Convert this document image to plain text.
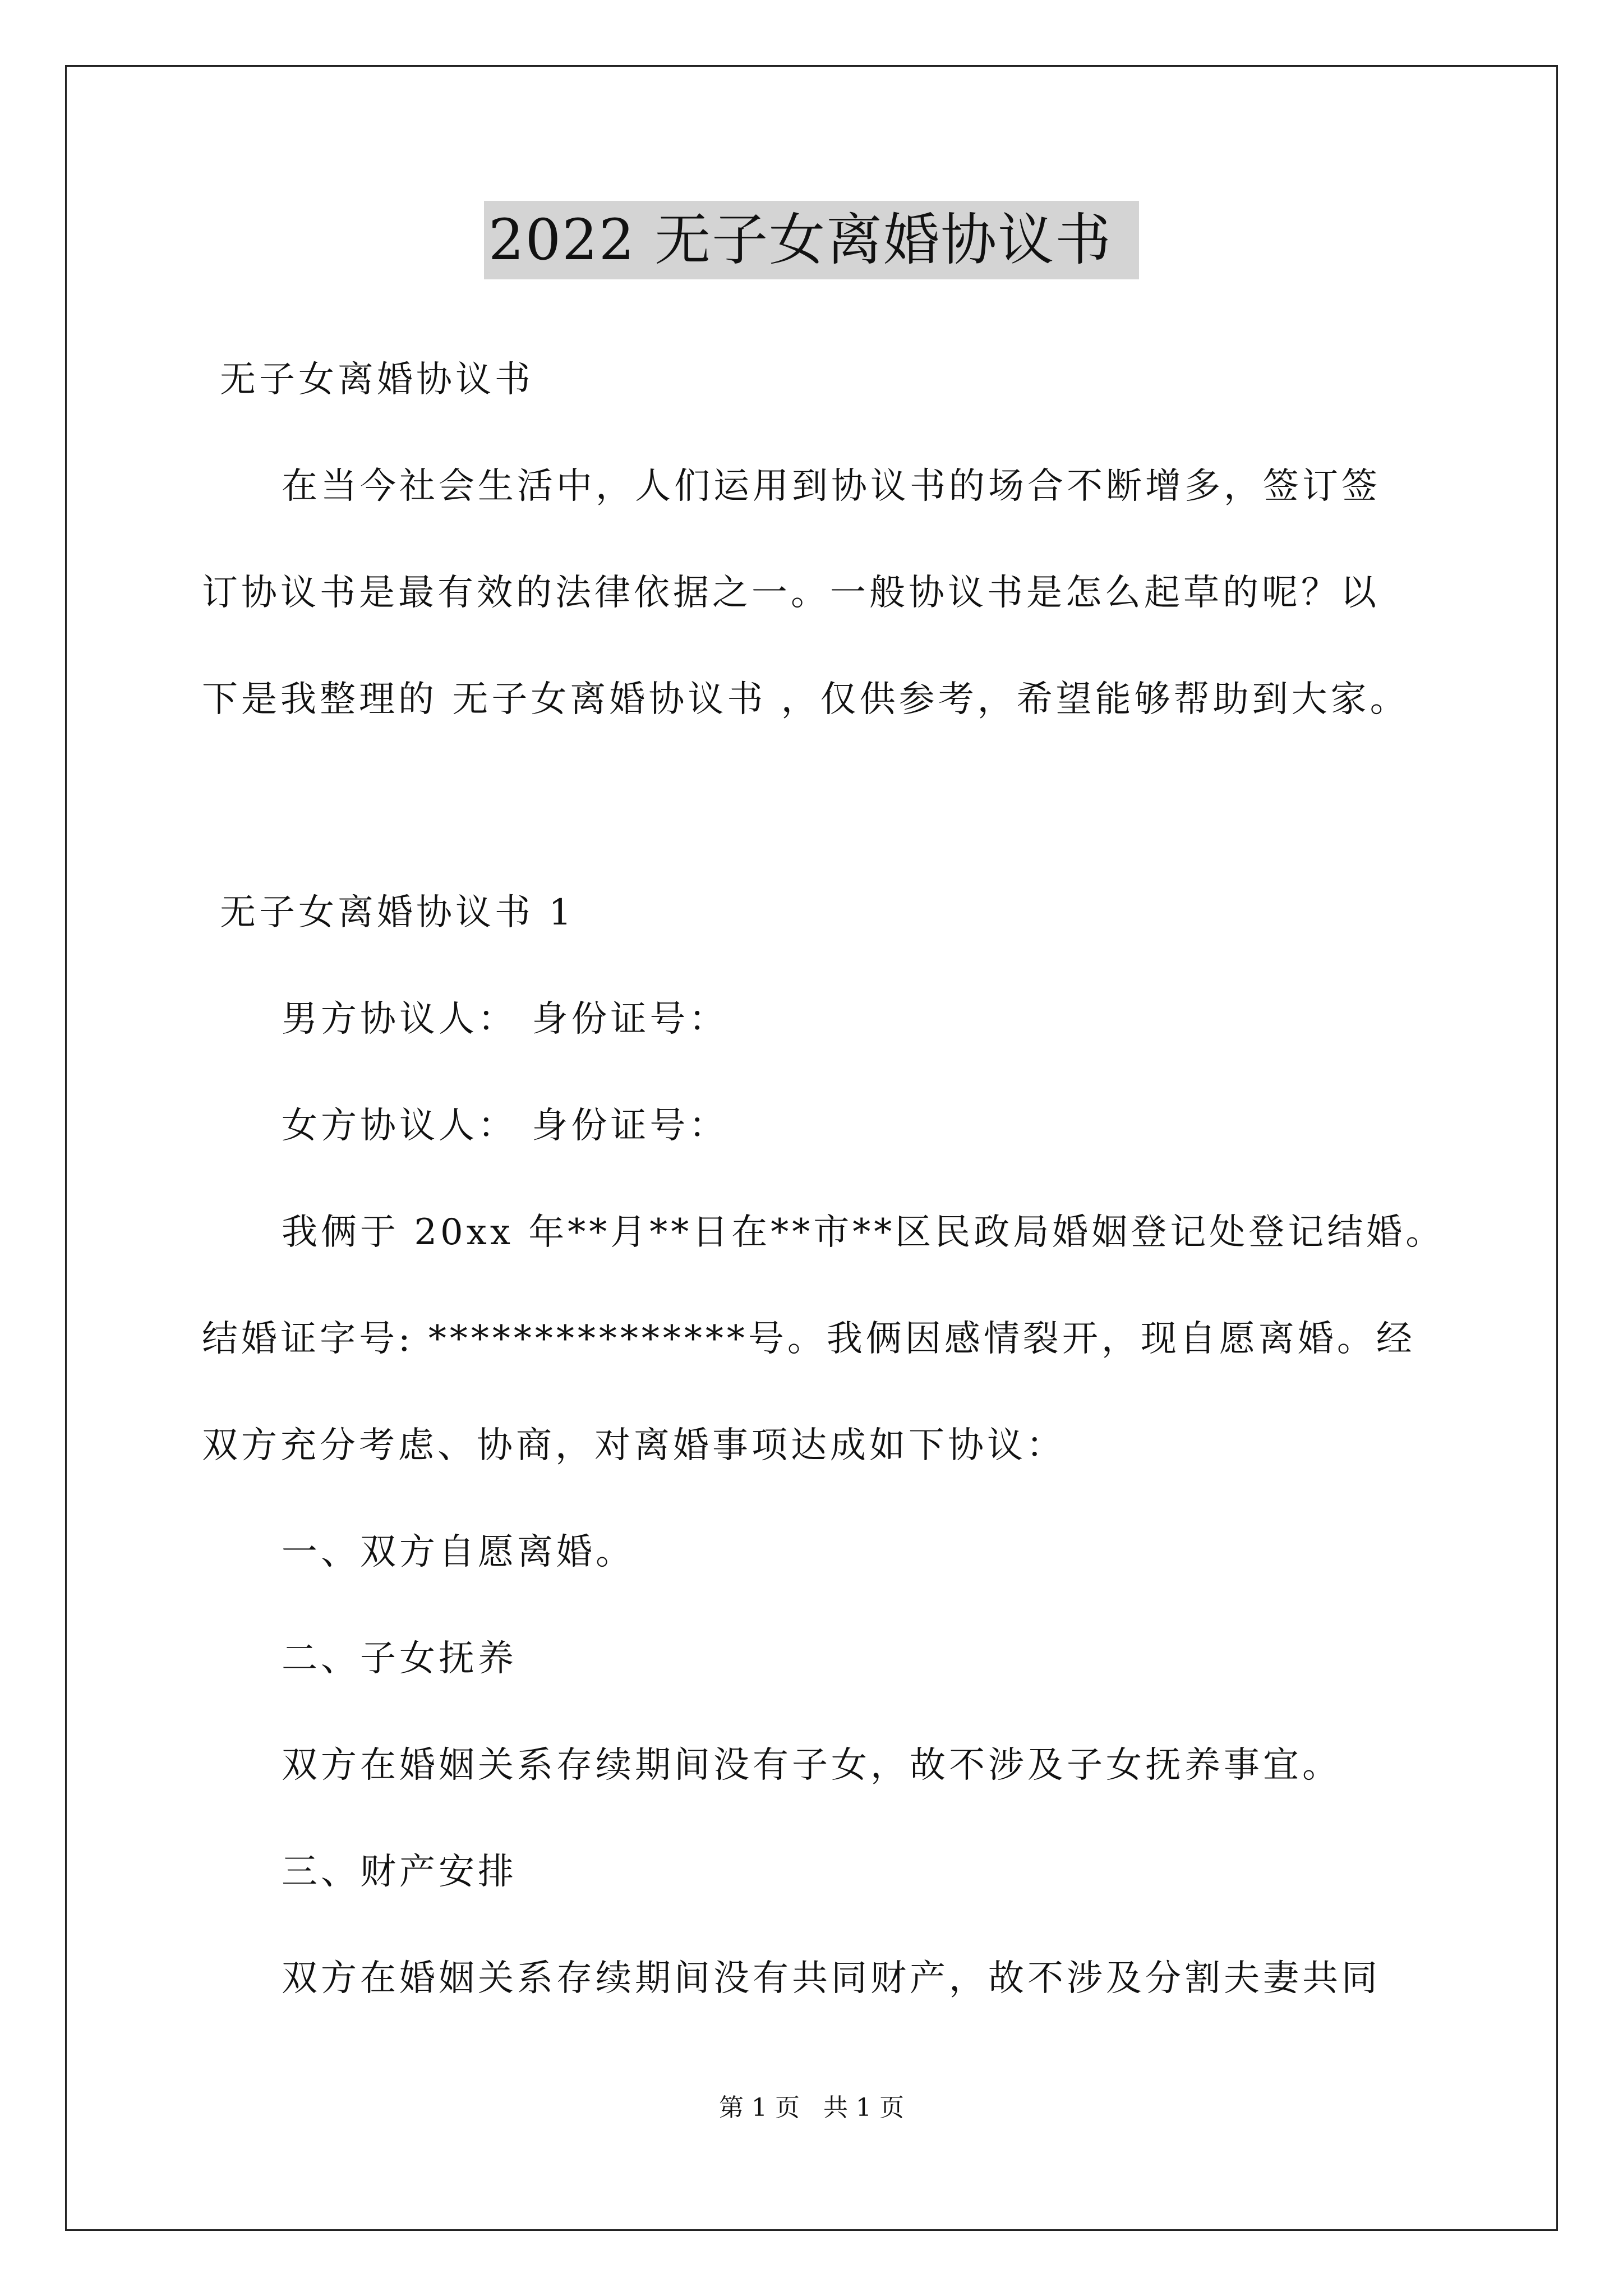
2022 无子女离婚协议书
无子女离婚协议书
在当今社会生活中，人们运用到协议书的场合不断增多，签订签
订协议书是最有效的法律依据之一。一般协议书是怎么起草的呢？以
下是我整理的 无子女离婚协议书 ，仅供参考，希望能够帮助到大家。
无子女离婚协议书 1
男方协议人： 身份证号：
女方协议人： 身份证号：
我俩于 20xx 年**月**日在**市**区民政局婚姻登记处登记结婚。
结婚证字号: ***************号。我俩因感情裂开，现自愿离婚。经
双方充分考虑、协商，对离婚事项达成如下协议：
一、双方自愿离婚。
二、子女抚养
双方在婚姻关系存续期间没有子女，故不涉及子女抚养事宜。
三、财产安排
双方在婚姻关系存续期间没有共同财产，故不涉及分割夫妻共同
第 1 页 共 1 页
